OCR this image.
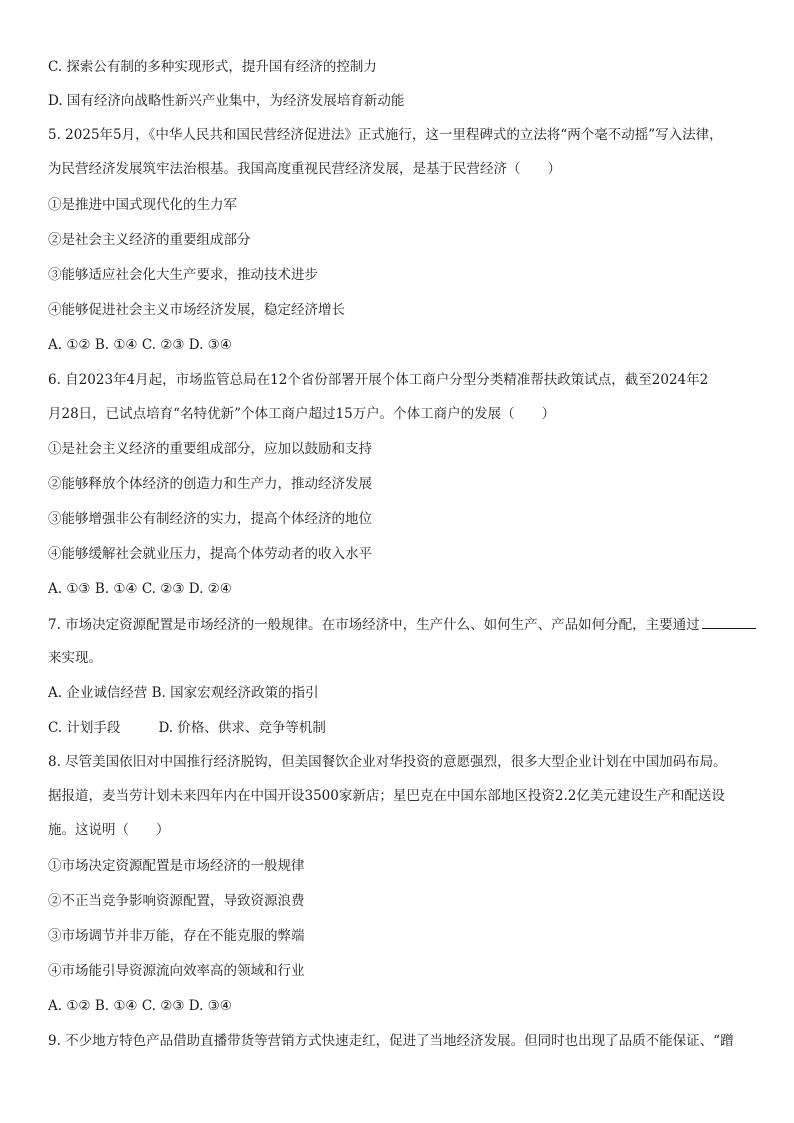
C. 探索公有制的多种实现形式，提升国有经济的控制力
D. 国有经济向战略性新兴产业集中，为经济发展培育新动能
5. 2025年5月，《中华人民共和国民营经济促进法》正式施行，这一里程碑式的立法将“两个毫不动摇”写入法律，
为民营经济发展筑牢法治根基。我国高度重视民营经济发展，是基于民营经济（　　）
①是推进中国式现代化的生力军
②是社会主义经济的重要组成部分
③能够适应社会化大生产要求，推动技术进步
④能够促进社会主义市场经济发展，稳定经济增长
A. ①② B. ①④ C. ②③ D. ③④
6. 自2023年4月起，市场监管总局在12个省份部署开展个体工商户分型分类精准帮扶政策试点，截至2024年2
月28日，已试点培育“名特优新”个体工商户超过15万户。个体工商户的发展（　　）
①是社会主义经济的重要组成部分，应加以鼓励和支持
②能够释放个体经济的创造力和生产力，推动经济发展
③能够增强非公有制经济的实力，提高个体经济的地位
④能够缓解社会就业压力，提高个体劳动者的收入水平
A. ①③ B. ①④ C. ②③ D. ②④
7. 市场决定资源配置是市场经济的一般规律。在市场经济中，生产什么、如何生产、产品如何分配，主要通过
来实现。
A. 企业诚信经营 B. 国家宏观经济政策的指引
C. 计划手段	D. 价格、供求、竞争等机制
8. 尽管美国依旧对中国推行经济脱钩，但美国餐饮企业对华投资的意愿强烈，很多大型企业计划在中国加码布局。
据报道，麦当劳计划未来四年内在中国开设3500家新店；星巴克在中国东部地区投资2.2亿美元建设生产和配送设
施。这说明（　　）
①市场决定资源配置是市场经济的一般规律
②不正当竞争影响资源配置，导致资源浪费
③市场调节并非万能，存在不能克服的弊端
④市场能引导资源流向效率高的领域和行业
A. ①② B. ①④ C. ②③ D. ③④
9. 不少地方特色产品借助直播带货等营销方式快速走红，促进了当地经济发展。但同时也出现了品质不能保证、“蹭
